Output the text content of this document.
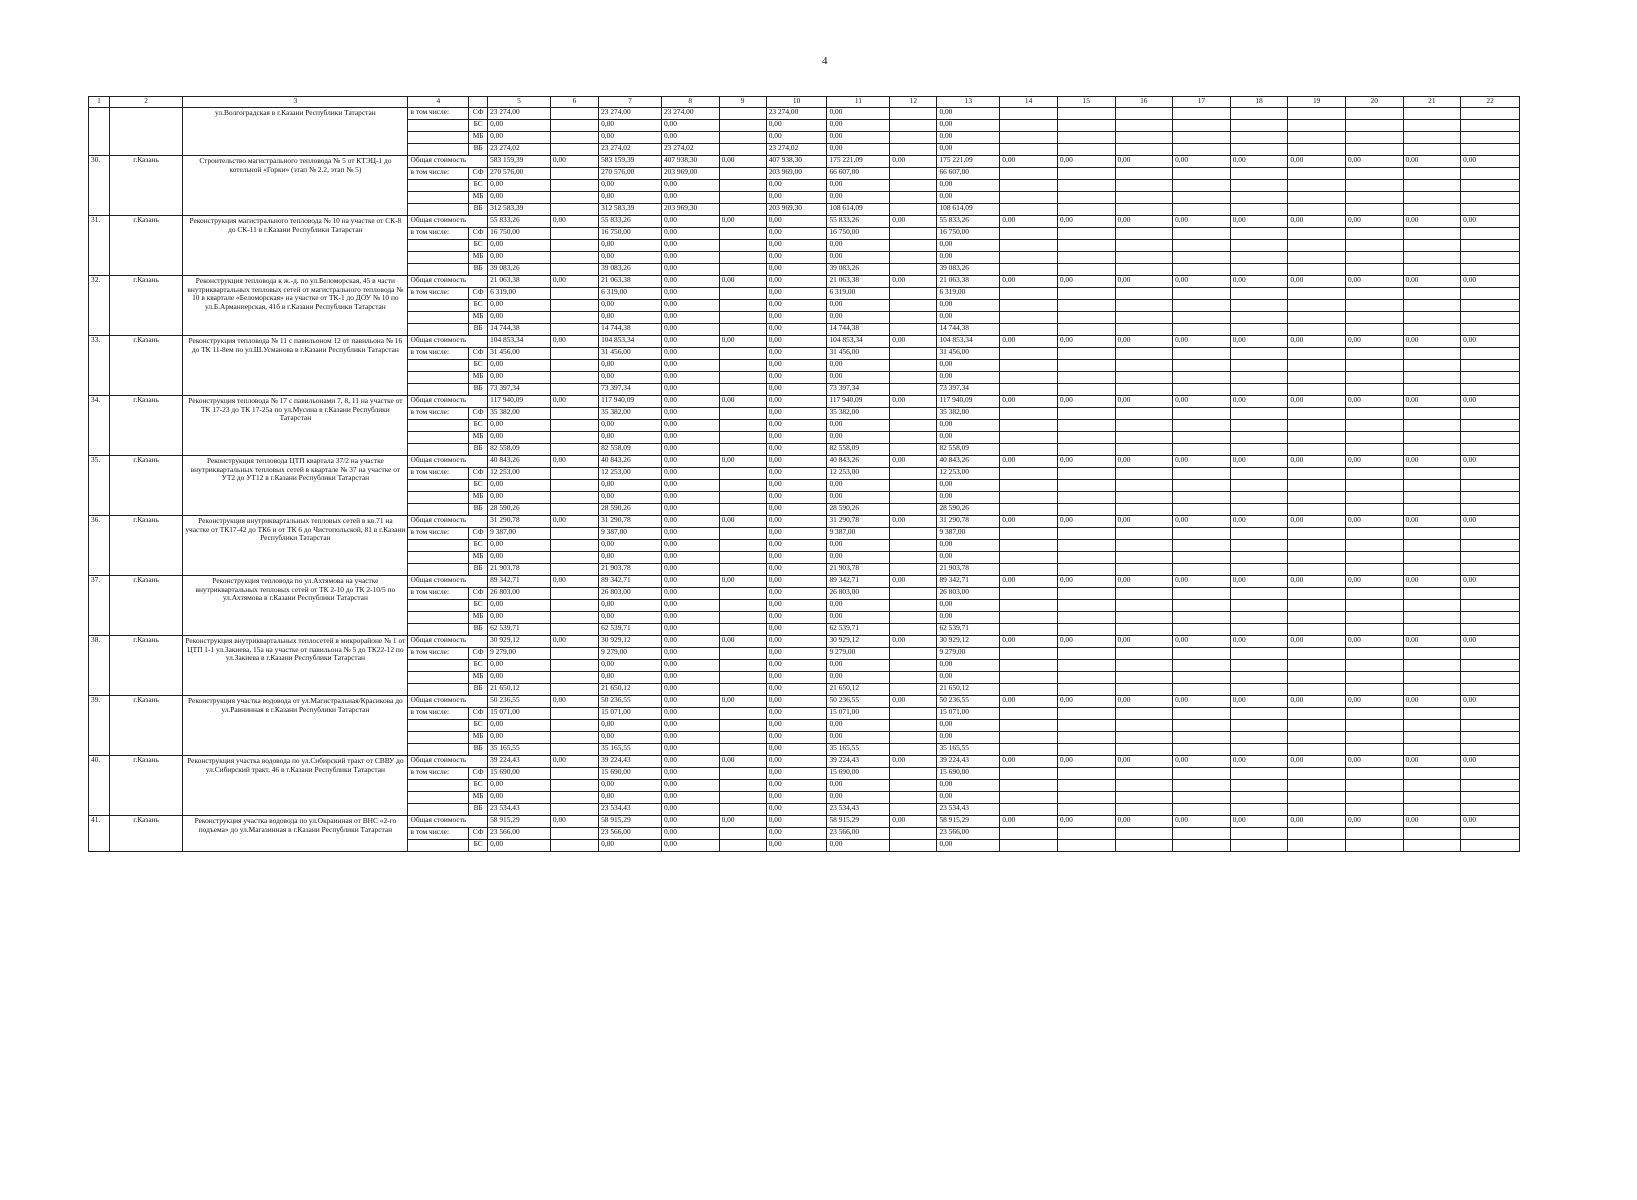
4
1	2	3	4		5	6	7	8	9	10	11	12	13	14	15	16	17	18	19	20	21	22
		ул.Волгоградская в г.Казани Республики Татарстан	в том числе:	СФ	23 274,00		23 274,00	23 274,00		23 274,00	0,00		0,00									
				БС	0,00		0,00	0,00		0,00	0,00		0,00									
				МБ	0,00		0,00	0,00		0,00	0,00		0,00									
				ВБ	23 274,02		23 274,02	23 274,02		23 274,02	0,00		0,00									
30.	г.Казань	Строительство магистрального тепловода № 5 от КТЭЦ-1 до котельной «Горки» (этап № 2.2, этап № 5)	Общая стоимость		583 159,39	0,00	583 159,39	407 938,30	0,00	407 938,30	175 221,09	0,00	175 221,09	0,00	0,00	0,00	0,00	0,00	0,00	0,00	0,00	0,00
			в том числе:	СФ	270 576,00		270 576,00	203 969,00		203 969,00	66 607,00		66 607,00									
				БС	0,00		0,00	0,00		0,00	0,00		0,00									
				МБ	0,00		0,00	0,00		0,00	0,00		0,00									
				ВБ	312 583,39		312 583,39	203 969,30		203 969,30	108 614,09		108 614,09									
31.	г.Казань	Реконструкция магистрального тепловода № 10 на участке от СК-8 до СК-11 в г.Казани Республики Татарстан	Общая стоимость		55 833,26	0,00	55 833,26	0,00	0,00	0,00	55 833,26	0,00	55 833,26	0,00	0,00	0,00	0,00	0,00	0,00	0,00	0,00	0,00
			в том числе:	СФ	16 750,00		16 750,00	0,00		0,00	16 750,00		16 750,00									
				БС	0,00		0,00	0,00		0,00	0,00		0,00									
				МБ	0,00		0,00	0,00		0,00	0,00		0,00									
				ВБ	39 083,26		39 083,26	0,00		0,00	39 083,26		39 083,26									
32.	г.Казань	Реконструкция тепловода к ж.-д. по ул.Беломорская, 45 в части внутриквартальных тепловых сетей от магистрального тепловода № 10 в квартале «Беломорская» на участке от ТК-1 до ДОУ № 10 по ул.Б.Арманиерская, 41б в г.Казани Республики Татарстан	Общая стоимость		21 063,38	0,00	21 063,38	0,00	0,00	0,00	21 063,38	0,00	21 063,38	0,00	0,00	0,00	0,00	0,00	0,00	0,00	0,00	0,00
			в том числе:	СФ	6 319,00		6 319,00	0,00		0,00	6 319,00		6 319,00									
				БС	0,00		0,00	0,00		0,00	0,00		0,00									
				МБ	0,00		0,00	0,00		0,00	0,00		0,00									
				ВБ	14 744,38		14 744,38	0,00		0,00	14 744,38		14 744,38									
33.	г.Казань	Реконструкция тепловода № 11 с павильоном 12 от павильона № 16 до ТК 11-8ем по ул.Ш.Усманова в г.Казани Республики Татарстан	Общая стоимость		104 853,34	0,00	104 853,34	0,00	0,00	0,00	104 853,34	0,00	104 853,34	0,00	0,00	0,00	0,00	0,00	0,00	0,00	0,00	0,00
			в том числе:	СФ	31 456,00		31 456,00	0,00		0,00	31 456,00		31 456,00									
				БС	0,00		0,00	0,00		0,00	0,00		0,00									
				МБ	0,00		0,00	0,00		0,00	0,00		0,00									
				ВБ	73 397,34		73 397,34	0,00		0,00	73 397,34		73 397,34									
34.	г.Казань	Реконструкция тепловода № 17 с павильонами 7, 8, 11 на участке от ТК 17-23 до ТК 17-25а по ул.Мусина в г.Казани Республики Татарстан	Общая стоимость		117 940,09	0,00	117 940,09	0,00	0,00	0,00	117 940,09	0,00	117 940,09	0,00	0,00	0,00	0,00	0,00	0,00	0,00	0,00	0,00
			в том числе:	СФ	35 382,00		35 382,00	0,00		0,00	35 382,00		35 382,00									
				БС	0,00		0,00	0,00		0,00	0,00		0,00									
				МБ	0,00		0,00	0,00		0,00	0,00		0,00									
				ВБ	82 558,09		82 558,09	0,00		0,00	82 558,09		82 558,09									
35.	г.Казань	Реконструкция тепловода ЦТП квартала 37/2 на участке внутриквартальных тепловых сетей в квартале № 37 на участке от УТ2 до УТ12 в г.Казани Республики Татарстан	Общая стоимость		40 843,26	0,00	40 843,26	0,00	0,00	0,00	40 843,26	0,00	40 843,26	0,00	0,00	0,00	0,00	0,00	0,00	0,00	0,00	0,00
			в том числе:	СФ	12 253,00		12 253,00	0,00		0,00	12 253,00		12 253,00									
				БС	0,00		0,00	0,00		0,00	0,00		0,00									
				МБ	0,00		0,00	0,00		0,00	0,00		0,00									
				ВБ	28 590,26		28 590,26	0,00		0,00	28 590,26		28 590,26									
36.	г.Казань	Реконструкция внутриквартальных тепловых сетей в кв.71 на участке от ТК17-42 до ТК6 и от ТК 6 до Чистопольской, 81 в г.Казани Республики Татарстан	Общая стоимость		31 290,78	0,00	31 290,78	0,00	0,00	0,00	31 290,78	0,00	31 290,78	0,00	0,00	0,00	0,00	0,00	0,00	0,00	0,00	0,00
			в том числе:	СФ	9 387,00		9 387,00	0,00		0,00	9 387,00		9 387,00									
				БС	0,00		0,00	0,00		0,00	0,00		0,00									
				МБ	0,00		0,00	0,00		0,00	0,00		0,00									
				ВБ	21 903,78		21 903,78	0,00		0,00	21 903,78		21 903,78									
37.	г.Казань	Реконструкция тепловода по ул.Ахтямова на участке внутриквартальных тепловых сетей от ТК 2-10 до ТК 2-10/5 по ул.Ахтямова в г.Казани Республики Татарстан	Общая стоимость		89 342,71	0,00	89 342,71	0,00	0,00	0,00	89 342,71	0,00	89 342,71	0,00	0,00	0,00	0,00	0,00	0,00	0,00	0,00	0,00
			в том числе:	СФ	26 803,00		26 803,00	0,00		0,00	26 803,00		26 803,00									
				БС	0,00		0,00	0,00		0,00	0,00		0,00									
				МБ	0,00		0,00	0,00		0,00	0,00		0,00									
				ВБ	62 539,71		62 539,71	0,00		0,00	62 539,71		62 539,71									
38.	г.Казань	Реконструкция внутриквартальных теплосетей в микрорайоне № 1 от ЦТП 1-1 ул.Закиева, 15а на участке от павильона № 5 до ТК22-12 по ул.Закиева в г.Казани Республики Татарстан	Общая стоимость		30 929,12	0,00	30 929,12	0,00	0,00	0,00	30 929,12	0,00	30 929,12	0,00	0,00	0,00	0,00	0,00	0,00	0,00	0,00	0,00
			в том числе:	СФ	9 279,00		9 279,00	0,00		0,00	9 279,00		9 279,00									
				БС	0,00		0,00	0,00		0,00	0,00		0,00									
				МБ	0,00		0,00	0,00		0,00	0,00		0,00									
				ВБ	21 650,12		21 650,12	0,00		0,00	21 650,12		21 650,12									
39.	г.Казань	Реконструкция участка водовода от ул.Магистральная/Красикова до ул.Равнинная в г.Казани Республики Татарстан	Общая стоимость		50 236,55	0,00	50 236,55	0,00	0,00	0,00	50 236,55	0,00	50 236,55	0,00	0,00	0,00	0,00	0,00	0,00	0,00	0,00	0,00
			в том числе:	СФ	15 071,00		15 071,00	0,00		0,00	15 071,00		15 071,00									
				БС	0,00		0,00	0,00		0,00	0,00		0,00									
				МБ	0,00		0,00	0,00		0,00	0,00		0,00									
				ВБ	35 165,55		35 165,55	0,00		0,00	35 165,55		35 165,55									
40.	г.Казань	Реконструкция участка водовода по ул.Сибирский тракт от СВВУ до ул.Сибирский тракт, 46 в г.Казани Республики Татарстан	Общая стоимость		39 224,43	0,00	39 224,43	0,00	0,00	0,00	39 224,43	0,00	39 224,43	0,00	0,00	0,00	0,00	0,00	0,00	0,00	0,00	0,00
			в том числе:	СФ	15 690,00		15 690,00	0,00		0,00	15 690,00		15 690,00									
				БС	0,00		0,00	0,00		0,00	0,00		0,00									
				МБ	0,00		0,00	0,00		0,00	0,00		0,00									
				ВБ	23 534,43		23 534,43	0,00		0,00	23 534,43		23 534,43									
41.	г.Казань	Реконструкция участка водовода по ул.Окраинная от ВНС «2-го подъема» до ул.Магазинная в г.Казани Республики Татарстан	Общая стоимость		58 915,29	0,00	58 915,29	0,00	0,00	0,00	58 915,29	0,00	58 915,29	0,00	0,00	0,00	0,00	0,00	0,00	0,00	0,00	0,00
			в том числе:	СФ	23 566,00		23 566,00	0,00		0,00	23 566,00		23 566,00									
				БС	0,00		0,00	0,00		0,00	0,00		0,00									
